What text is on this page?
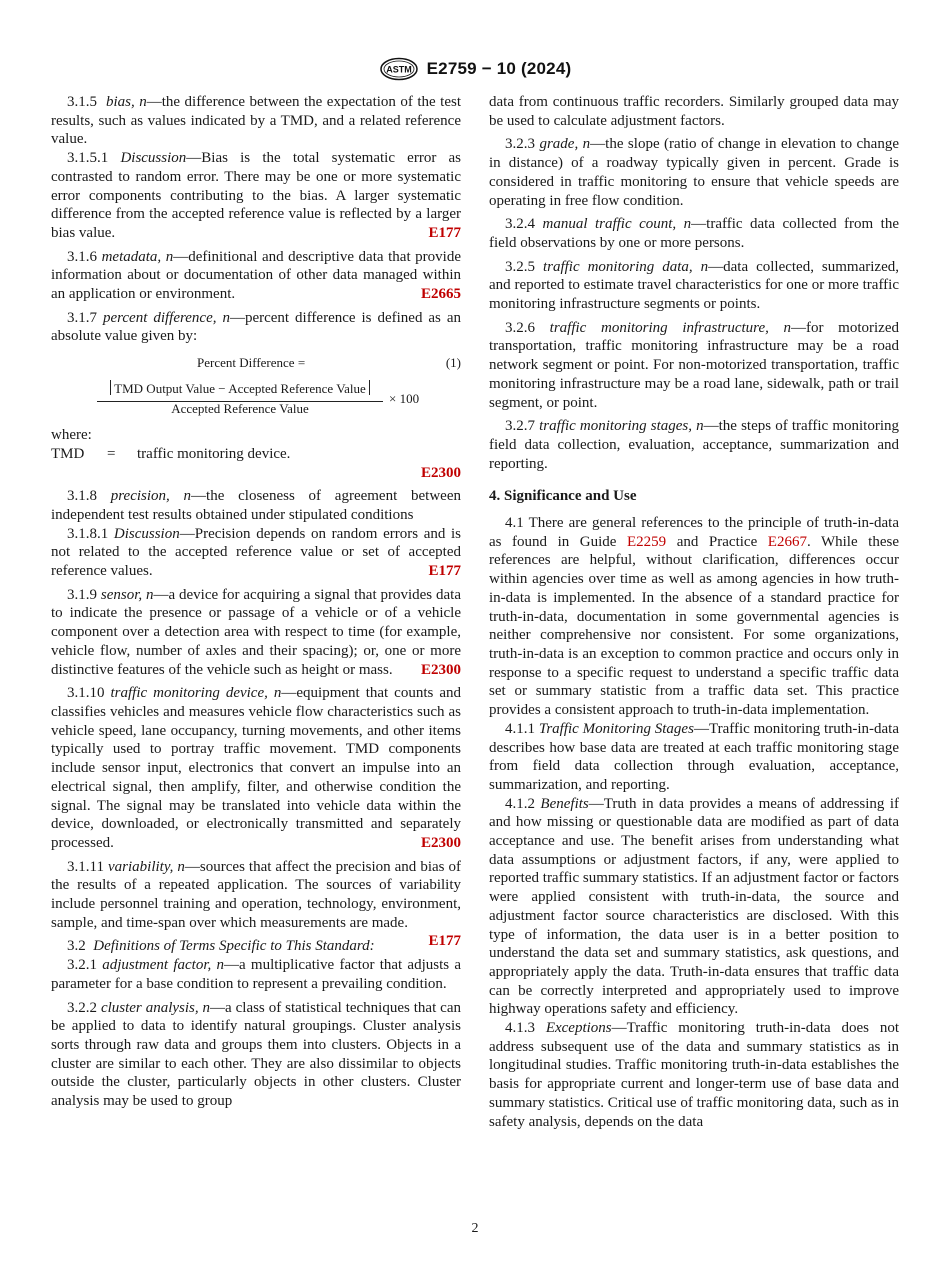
ASTM E2759 − 10 (2024)

3.1.5 bias, n—the difference between the expectation of the test results, such as values indicated by a TMD, and a related reference value.

3.1.5.1 Discussion—Bias is the total systematic error as contrasted to random error. There may be one or more systematic error components contributing to the bias. A larger systematic difference from the accepted reference value is reflected by a larger bias value.	E177

3.1.6 metadata, n—definitional and descriptive data that provide information about or documentation of other data managed within an application or environment.	E2665

3.1.7 percent difference, n—percent difference is defined as an absolute value given by:

Percent Difference =	(1)
TMD Output Value − Accepted Reference Value
Accepted Reference Value
× 100

where:

TMD	=	traffic monitoring device.
E2300

3.1.8 precision, n—the closeness of agreement between independent test results obtained under stipulated conditions

3.1.8.1 Discussion—Precision depends on random errors and is not related to the accepted reference value or set of accepted reference values.	E177

3.1.9 sensor, n—a device for acquiring a signal that provides data to indicate the presence or passage of a vehicle or of a vehicle component over a detection area with respect to time (for example, vehicle flow, number of axles and their spacing); or, one or more distinctive features of the vehicle such as height or mass.	E2300

3.1.10 traffic monitoring device, n—equipment that counts and classifies vehicles and measures vehicle flow characteristics such as vehicle speed, lane occupancy, turning movements, and other items typically used to portray traffic movement. TMD components include sensor input, electronics that convert an impulse into an electrical signal, then amplify, filter, and otherwise condition the signal. The signal may be translated into vehicle data within the device, downloaded, or electronically transmitted and separately processed.	E2300

3.1.11 variability, n—sources that affect the precision and bias of the results of a repeated application. The sources of variability include personnel training and operation, technology, environment, sample, and time-span over which measurements are made.
E177

3.2 Definitions of Terms Specific to This Standard:

3.2.1 adjustment factor, n—a multiplicative factor that adjusts a parameter for a base condition to represent a prevailing condition.

3.2.2 cluster analysis, n—a class of statistical techniques that can be applied to data to identify natural groupings. Cluster analysis sorts through raw data and groups them into clusters. Objects in a cluster are similar to each other. They are also dissimilar to objects outside the cluster, particularly objects in other clusters. Cluster analysis may be used to group

data from continuous traffic recorders. Similarly grouped data may be used to calculate adjustment factors.

3.2.3 grade, n—the slope (ratio of change in elevation to change in distance) of a roadway typically given in percent. Grade is considered in traffic monitoring to ensure that vehicle speeds are operating in free flow condition.

3.2.4 manual traffic count, n—traffic data collected from the field observations by one or more persons.

3.2.5 traffic monitoring data, n—data collected, summarized, and reported to estimate travel characteristics for one or more traffic monitoring infrastructure segments or points.

3.2.6 traffic monitoring infrastructure, n—for motorized transportation, traffic monitoring infrastructure may be a road network segment or point. For non-motorized transportation, traffic monitoring infrastructure may be a road lane, sidewalk, path or trail segment, or point.

3.2.7 traffic monitoring stages, n—the steps of traffic monitoring field data collection, evaluation, acceptance, summarization and reporting.

4. Significance and Use

4.1 There are general references to the principle of truth-in-data as found in Guide E2259 and Practice E2667. While these references are helpful, without clarification, differences occur within agencies over time as well as among agencies in how truth-in-data is implemented. In the absence of a standard practice for truth-in-data, documentation in some governmental agencies is neither comprehensive nor consistent. For some organizations, truth-in-data is an exception to common practice and occurs only in response to a specific request to understand a specific traffic data set or summary statistic from a traffic data set. This practice provides a consistent approach to truth-in-data implementation.

4.1.1 Traffic Monitoring Stages—Traffic monitoring truth-in-data describes how base data are treated at each traffic monitoring stage from field data collection through evaluation, acceptance, summarization, and reporting.

4.1.2 Benefits—Truth in data provides a means of addressing if and how missing or questionable data are modified as part of data acceptance and use. The benefit arises from understanding what data assumptions or adjustment factors, if any, were applied to reported traffic summary statistics. If an adjustment factor or factors were applied consistent with truth-in-data, the source and adjustment factor source characteristics are disclosed. With this type of information, the data user is in a better position to understand the data set and summary statistics, ask questions, and appropriately apply the data. Truth-in-data ensures that traffic data can be correctly interpreted and appropriately used to improve highway operations safety and efficiency.

4.1.3 Exceptions—Traffic monitoring truth-in-data does not address subsequent use of the data and summary statistics as in longitudinal studies. Traffic monitoring truth-in-data establishes the basis for appropriate current and longer-term use of base data and summary statistics. Critical use of traffic monitoring data, such as in safety analysis, depends on the data

2
